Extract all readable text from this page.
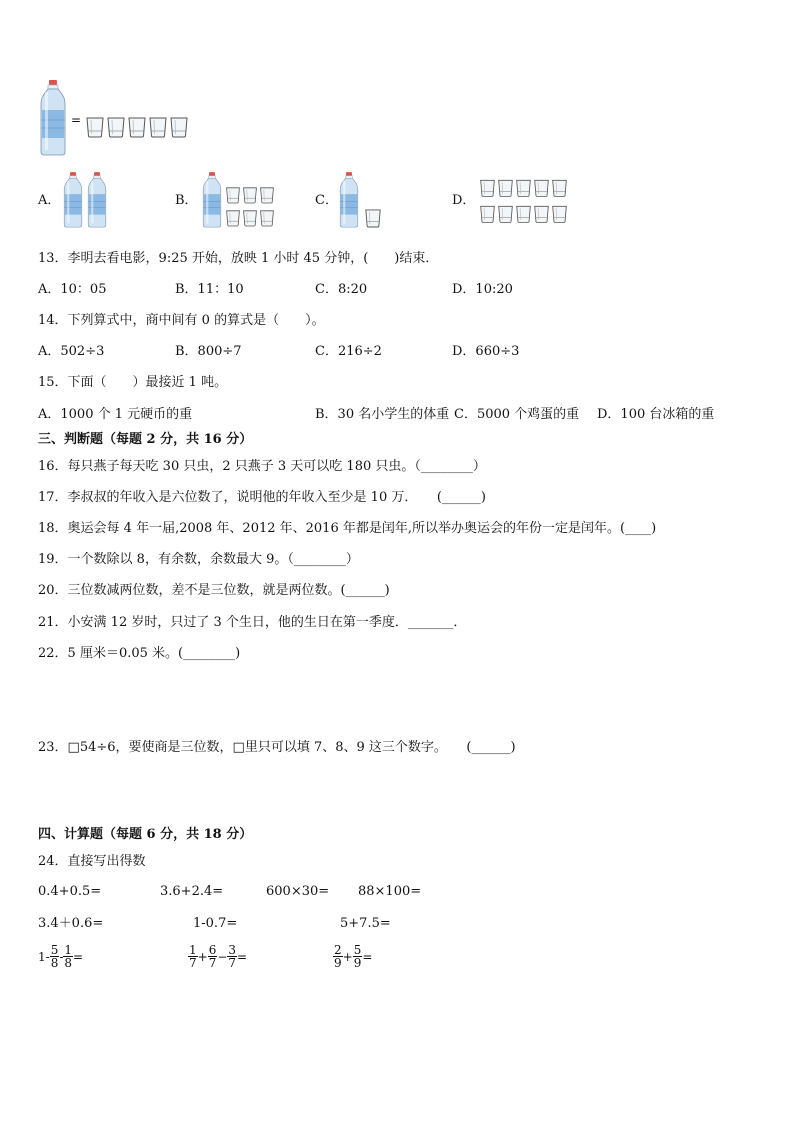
=
A．	B．	C．	D．
13．李明去看电影，9:25 开始，放映 1 小时 45 分钟，(　　)结束．
A．10：05	B．11：10	C．8:20	D．10:20
14．下列算式中，商中间有 0 的算式是（　　）。
A．502÷3	B．800÷7	C．216÷2	D．660÷3
15．下面（　　）最接近 1 吨。
A．1000 个 1 元硬币的重	B．30 名小学生的体重 C．5000 个鸡蛋的重 D．100 台冰箱的重
三、判断题（每题 2 分，共 16 分）
16．每只燕子每天吃 30 只虫，2 只燕子 3 天可以吃 180 只虫。（________）
17．李叔叔的年收入是六位数了，说明他的年收入至少是 10 万．　　(______)
18．奥运会每 4 年一届,2008 年、2012 年、2016 年都是闰年,所以举办奥运会的年份一定是闰年。(____)
19．一个数除以 8，有余数，余数最大 9。（________）
20．三位数减两位数，差不是三位数，就是两位数。(______)
21．小安满 12 岁时，只过了 3 个生日，他的生日在第一季度．_______．
22．5 厘米＝0.05 米。(________)
23．□54÷6，要使商是三位数，□里只可以填 7、8、9 这三个数字。　　(______)
四、计算题（每题 6 分，共 18 分）
24．直接写出得数
0.4+0.5=	3.6+2.4=	600×30= 88×100=
3.4＋0.6=	1-0.7=	5+7.5=
$1- \frac{5}{8} - \frac{1}{8}$ =	$\frac{1}{7} + \frac{6}{7} - \frac{3}{7}$ =	$\frac{2}{9} + \frac{5}{9}$ =
